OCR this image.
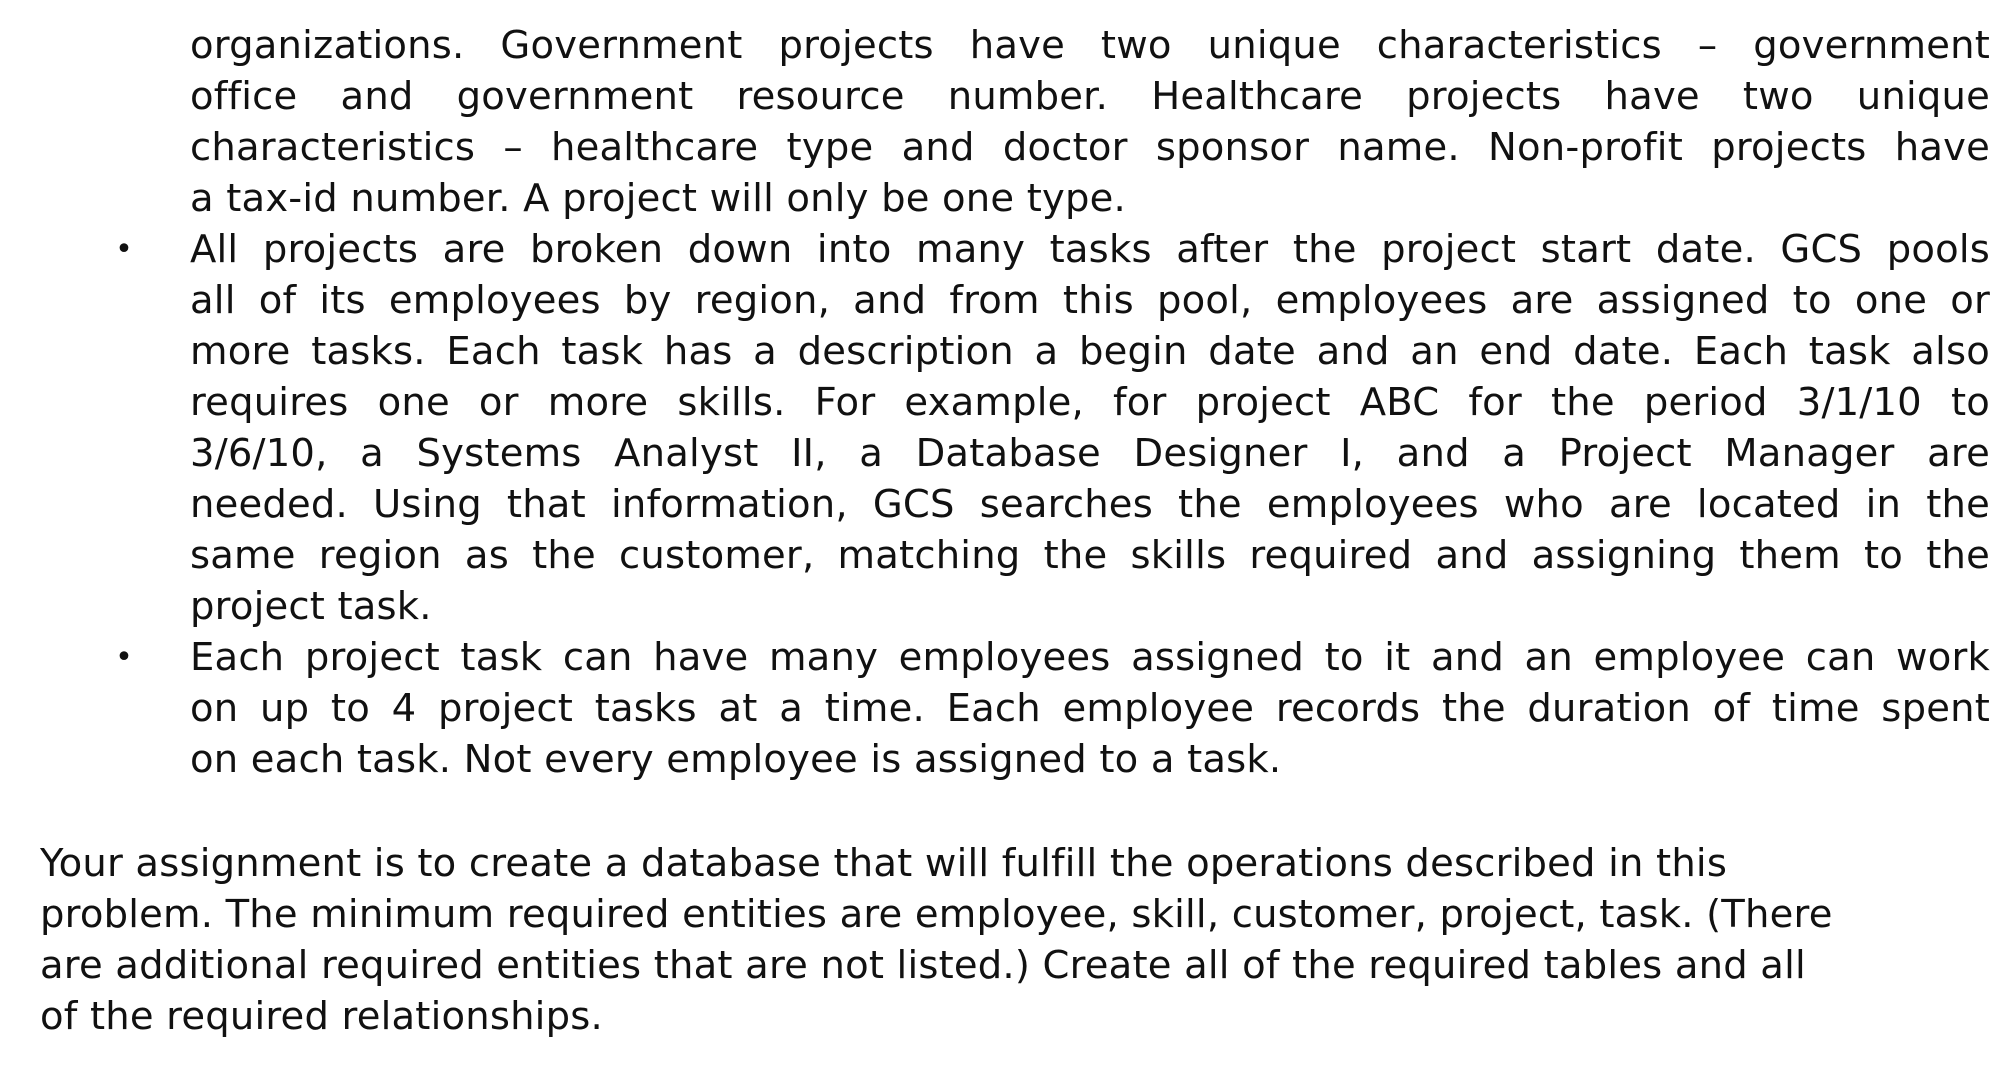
organizations. Government projects have two unique characteristics – government
office and government resource number. Healthcare projects have two unique
characteristics – healthcare type and doctor sponsor name. Non-profit projects have
a tax-id number. A project will only be one type.
• All projects are broken down into many tasks after the project start date. GCS pools
all of its employees by region, and from this pool, employees are assigned to one or
more tasks. Each task has a description a begin date and an end date. Each task also
requires one or more skills. For example, for project ABC for the period 3/1/10 to
3/6/10, a Systems Analyst II, a Database Designer I, and a Project Manager are
needed. Using that information, GCS searches the employees who are located in the
same region as the customer, matching the skills required and assigning them to the
project task.
• Each project task can have many employees assigned to it and an employee can work
on up to 4 project tasks at a time. Each employee records the duration of time spent
on each task. Not every employee is assigned to a task.
Your assignment is to create a database that will fulfill the operations described in this
problem. The minimum required entities are employee, skill, customer, project, task. (There
are additional required entities that are not listed.) Create all of the required tables and all
of the required relationships.
